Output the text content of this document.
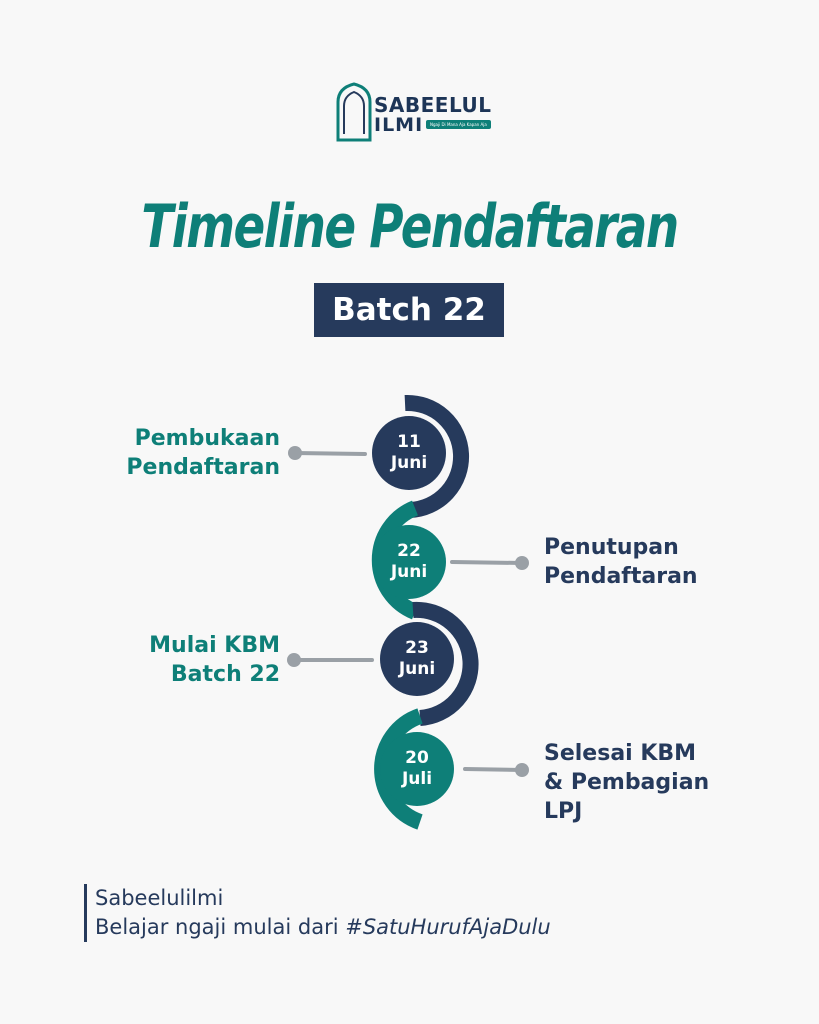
SABEELUL
ILMI	Ngaji Di Mana Aja Kapan Aja
Timeline Pendaftaran
Batch 22
11
Juni
22
Juni
23
Juni
20
Juli
Pembukaan
Pendaftaran
Penutupan
Pendaftaran
Mulai KBM
Batch 22
Selesai KBM
& Pembagian
LPJ
Sabeelulilmi
Belajar ngaji mulai dari #SatuHurufAjaDulu
